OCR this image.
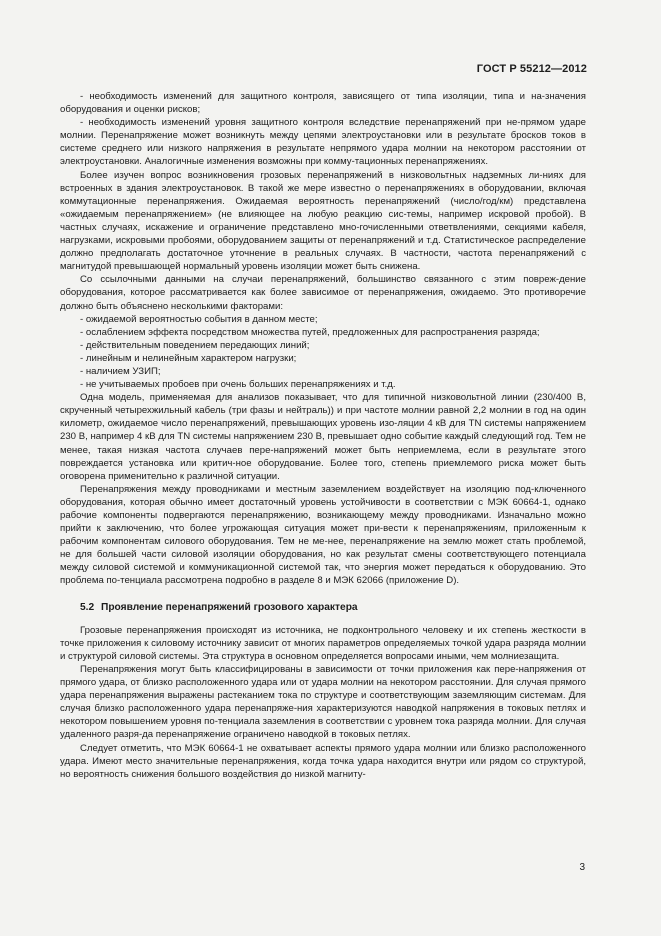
ГОСТ Р 55212—2012

- необходимость изменений для защитного контроля, зависящего от типа изоляции, типа и на-значения оборудования и оценки рисков;

- необходимость изменений уровня защитного контроля вследствие перенапряжений при не-прямом ударе молнии. Перенапряжение может возникнуть между цепями электроустановки или в результате бросков токов в системе среднего или низкого напряжения в результате непрямого удара молнии на некотором расстоянии от электроустановки. Аналогичные изменения возможны при комму-тационных перенапряжениях.

Более изучен вопрос возникновения грозовых перенапряжений в низковольтных надземных ли-ниях для встроенных в здания электроустановок. В такой же мере известно о перенапряжениях в оборудовании, включая коммутационные перенапряжения. Ожидаемая вероятность перенапряжений (число/год/км) представлена «ожидаемым перенапряжением» (не влияющее на любую реакцию сис-темы, например искровой пробой). В частных случаях, искажение и ограничение представлено мно-гочисленными ответвлениями, секциями кабеля, нагрузками, искровыми пробоями, оборудованием защиты от перенапряжений и т.д. Статистическое распределение должно предполагать достаточное уточнение в реальных случаях. В частности, частота перенапряжений с магнитудой превышающей нормальный уровень изоляции может быть снижена.

Со ссылочными данными на случаи перенапряжений, большинство связанного с этим повреж-дение оборудования, которое рассматривается как более зависимое от перенапряжения, ожидаемо. Это противоречие должно быть объяснено несколькими факторами:

- ожидаемой вероятностью события в данном месте;

- ослаблением эффекта посредством множества путей, предложенных для распространения разряда;

- действительным поведением передающих линий;

- линейным и нелинейным характером нагрузки;

- наличием УЗИП;

- не учитываемых пробоев при очень больших перенапряжениях и т.д.

Одна модель, применяемая для анализов показывает, что для типичной низковольтной линии (230/400 В, скрученный четырехжильный кабель (три фазы и нейтраль)) и при частоте молнии равной 2,2 молнии в год на один километр, ожидаемое число перенапряжений, превышающих уровень изо-ляции 4 кВ для TN системы напряжением 230 В, например 4 кВ для TN системы напряжением 230 В, превышает одно событие каждый следующий год. Тем не менее, такая низкая частота случаев пере-напряжений может быть неприемлема, если в результате этого повреждается установка или критич-ное оборудование. Более того, степень приемлемого риска может быть оговорена применительно к различной ситуации.

Перенапряжения между проводниками и местным заземлением воздействует на изоляцию под-ключенного оборудования, которая обычно имеет достаточный уровень устойчивости в соответствии с МЭК 60664-1, однако рабочие компоненты подвергаются перенапряжению, возникающему между проводниками. Изначально можно прийти к заключению, что более угрожающая ситуация может при-вести к перенапряжениям, приложенным к рабочим компонентам силового оборудования. Тем не ме-нее, перенапряжение на землю может стать проблемой, не для большей части силовой изоляции оборудования, но как результат смены соответствующего потенциала между силовой системой и коммуникационной системой так, что энергия может передаться к оборудованию. Это проблема по-тенциала рассмотрена подробно в разделе 8 и МЭК 62066 (приложение D).

5.2 Проявление перенапряжений грозового характера

Грозовые перенапряжения происходят из источника, не подконтрольного человеку и их степень жесткости в точке приложения к силовому источнику зависит от многих параметров определяемых точкой удара разряда молнии и структурой силовой системы. Эта структура в основном определяется вопросами иными, чем молниезащита.

Перенапряжения могут быть классифицированы в зависимости от точки приложения как пере-напряжения от прямого удара, от близко расположенного удара или от удара молнии на некотором расстоянии. Для случая прямого удара перенапряжения выражены растеканием тока по структуре и соответствующим заземляющим системам. Для случая близко расположенного удара перенапряже-ния характеризуются наводкой напряжения в токовых петлях и некотором повышением уровня по-тенциала заземления в соответствии с уровнем тока разряда молнии. Для случая удаленного разря-да перенапряжение ограничено наводкой в токовых петлях.

Следует отметить, что МЭК 60664-1 не охватывает аспекты прямого удара молнии или близко расположенного удара. Имеют место значительные перенапряжения, когда точка удара находится внутри или рядом со структурой, но вероятность снижения большого воздействия до низкой магниту-

3
